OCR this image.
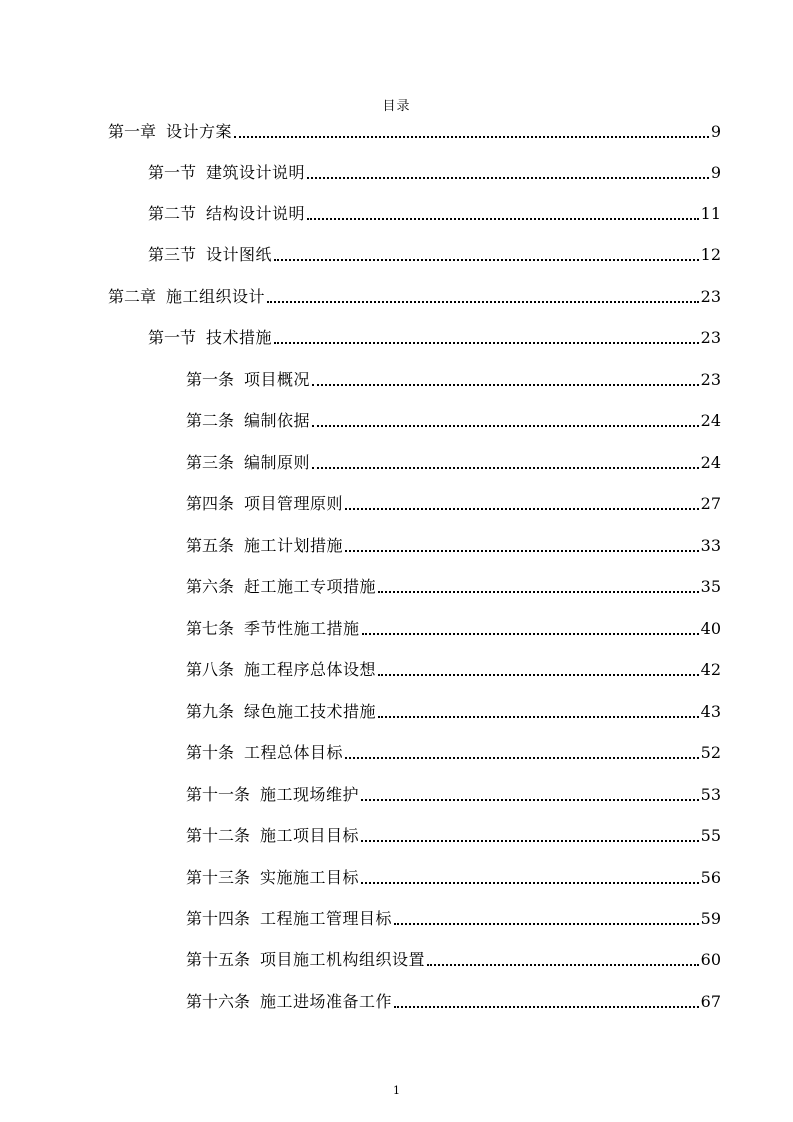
目录
第一章 设计方案	9
第一节 建筑设计说明	9
第二节 结构设计说明	11
第三节 设计图纸	12
第二章 施工组织设计	23
第一节 技术措施	23
第一条 项目概况	23
第二条 编制依据	24
第三条 编制原则	24
第四条 项目管理原则	27
第五条 施工计划措施	33
第六条 赶工施工专项措施	35
第七条 季节性施工措施	40
第八条 施工程序总体设想	42
第九条 绿色施工技术措施	43
第十条 工程总体目标	52
第十一条 施工现场维护	53
第十二条 施工项目目标	55
第十三条 实施施工目标	56
第十四条 工程施工管理目标	59
第十五条 项目施工机构组织设置	60
第十六条 施工进场准备工作	67
1
